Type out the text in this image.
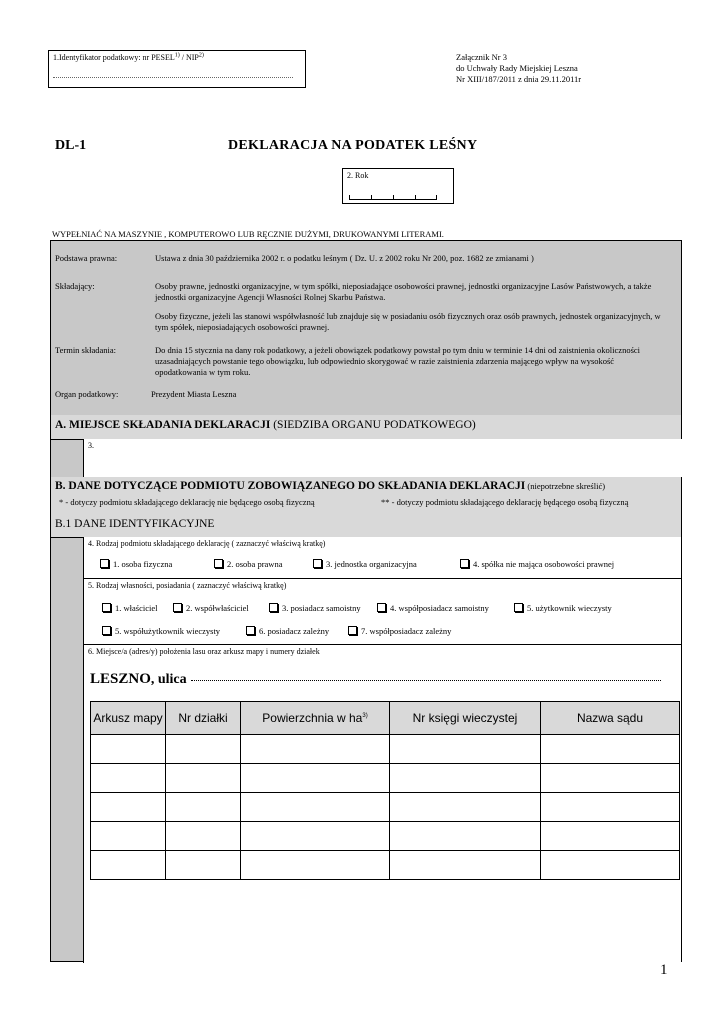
1.Identyfikator podatkowy: nr PESEL$^{1)}$ / NIP$^{2)}$	Załącznik Nr 3
do Uchwały Rady Miejskiej Leszna
Nr XIII/187/2011 z dnia 29.11.2011r
DL-1	DEKLARACJA NA PODATEK LEŚNY
2. Rok
WYPEŁNIAĆ NA MASZYNIE , KOMPUTEROWO LUB RĘCZNIE DUŻYMI, DRUKOWANYMI LITERAMI.
Podstawa prawna:	Ustawa z dnia 30 października 2002 r. o podatku leśnym ( Dz. U. z 2002 roku Nr 200, poz. 1682 ze zmianami )
Składający:	Osoby prawne, jednostki organizacyjne, w tym spółki, nieposiadające osobowości prawnej, jednostki organizacyjne Lasów Państwowych, a także jednostki organizacyjne Agencji Własności Rolnej Skarbu Państwa.
Osoby fizyczne, jeżeli las stanowi współwłasność lub znajduje się w posiadaniu osób fizycznych oraz osób prawnych, jednostek organizacyjnych, w tym spółek, nieposiadających osobowości prawnej.
Termin składania:	Do dnia 15 stycznia na dany rok podatkowy, a jeżeli obowiązek podatkowy powstał po tym dniu w terminie 14 dni od zaistnienia okoliczności uzasadniających powstanie tego obowiązku, lub odpowiednio skorygować w razie zaistnienia zdarzenia mającego wpływ na wysokość opodatkowania w tym roku.
Organ podatkowy:	Prezydent Miasta Leszna
A. MIEJSCE SKŁADANIA DEKLARACJI (SIEDZIBA ORGANU PODATKOWEGO)
3.
B. DANE DOTYCZĄCE PODMIOTU ZOBOWIĄZANEGO DO SKŁADANIA DEKLARACJI (niepotrzebne skreślić)
* - dotyczy podmiotu składającego deklarację nie będącego osobą fizyczną	** - dotyczy podmiotu składającego deklarację będącego osobą fizyczną
B.1 DANE IDENTYFIKACYJNE
4. Rodzaj podmiotu składającego deklarację ( zaznaczyć właściwą kratkę)
1. osoba fizyczna	2. osoba prawna	3. jednostka organizacyjna	4. spółka nie mająca osobowości prawnej
5. Rodzaj własności, posiadania ( zaznaczyć właściwą kratkę)
1. właściciel	2. współwłaściciel	3. posiadacz samoistny	4. współposiadacz samoistny	5. użytkownik wieczysty
5. współużytkownik wieczysty	6. posiadacz zależny	7. współposiadacz zależny
6. Miejsce/a (adres/y) położenia lasu oraz arkusz mapy i numery działek
LESZNO, ulica
Arkusz mapy	Nr działki	Powierzchnia w $ha^{3)}$	Nr księgi wieczystej	Nazwa sądu

1
